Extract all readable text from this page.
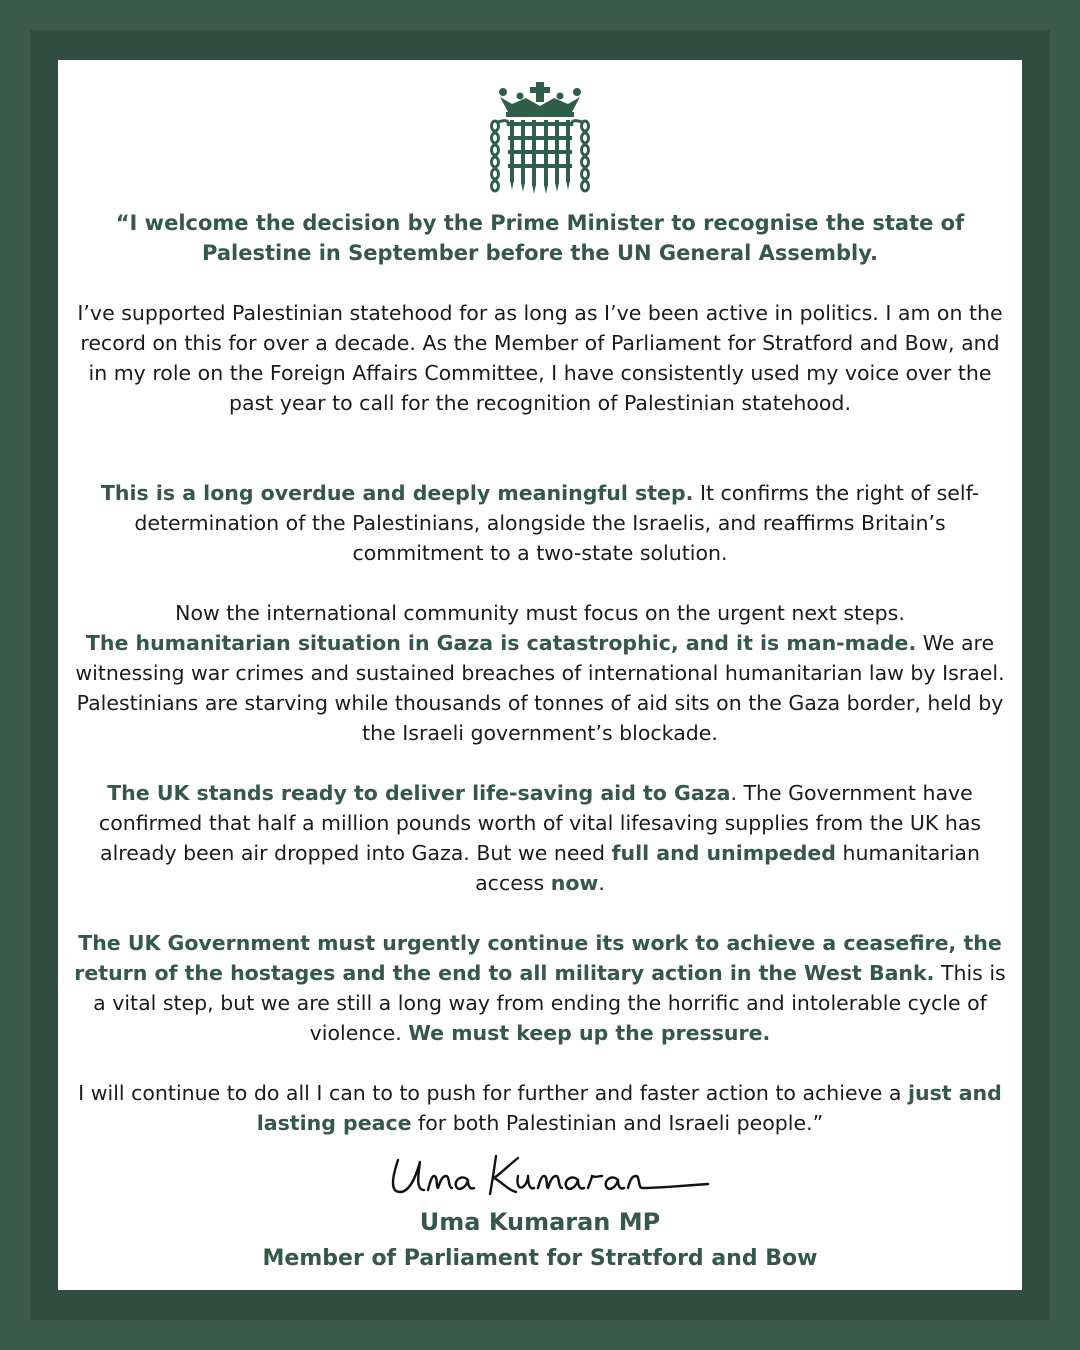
“I welcome the decision by the Prime Minister to recognise the state of Palestine in September before the UN General Assembly.

I’ve supported Palestinian statehood for as long as I’ve been active in politics. I am on the record on this for over a decade. As the Member of Parliament for Stratford and Bow, and in my role on the Foreign Affairs Committee, I have consistently used my voice over the past year to call for the recognition of Palestinian statehood.

This is a long overdue and deeply meaningful step. It confirms the right of self-determination of the Palestinians, alongside the Israelis, and reaffirms Britain’s commitment to a two-state solution.

Now the international community must focus on the urgent next steps.
The humanitarian situation in Gaza is catastrophic, and it is man-made. We are witnessing war crimes and sustained breaches of international humanitarian law by Israel. Palestinians are starving while thousands of tonnes of aid sits on the Gaza border, held by the Israeli government’s blockade.

The UK stands ready to deliver life-saving aid to Gaza. The Government have confirmed that half a million pounds worth of vital lifesaving supplies from the UK has already been air dropped into Gaza. But we need full and unimpeded humanitarian access now.

The UK Government must urgently continue its work to achieve a ceasefire, the return of the hostages and the end to all military action in the West Bank. This is a vital step, but we are still a long way from ending the horrific and intolerable cycle of violence. We must keep up the pressure.

I will continue to do all I can to to push for further and faster action to achieve a just and lasting peace for both Palestinian and Israeli people.”

Uma Kumaran MP

Member of Parliament for Stratford and Bow
